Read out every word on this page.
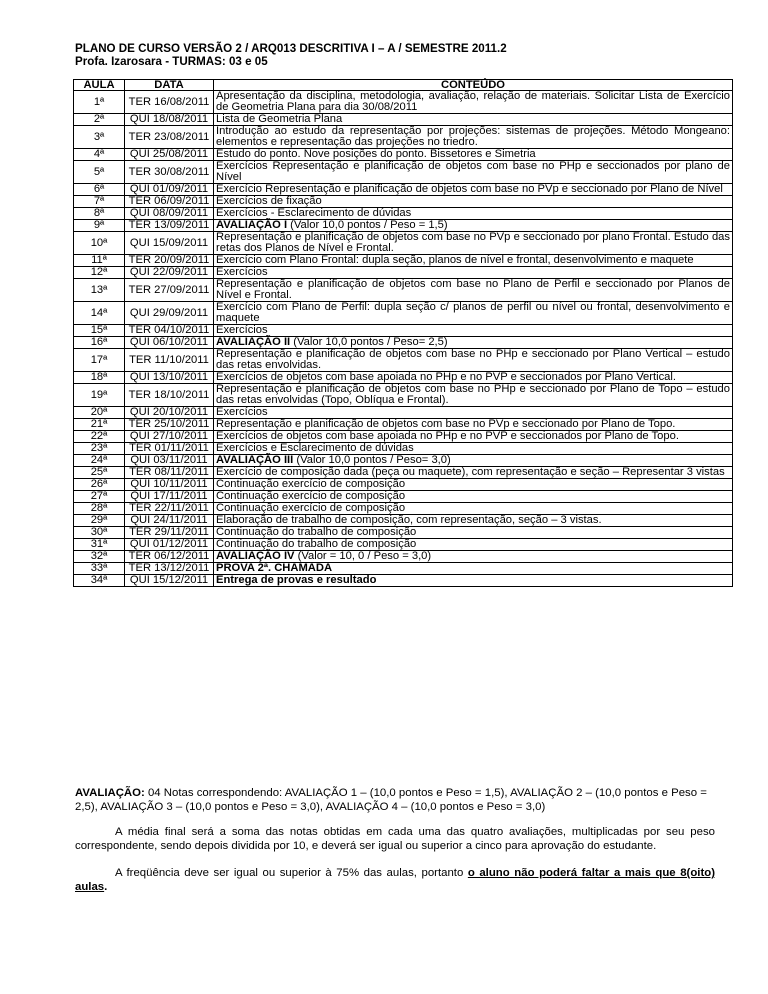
PLANO DE CURSO VERSÃO 2 / ARQ013 DESCRITIVA I – A / SEMESTRE 2011.2
Profa. Izarosara - TURMAS: 03 e 05
AULA	DATA	CONTEÚDO
1ª	TER 16/08/2011	Apresentação da disciplina, metodologia, avaliação, relação de materiais. Solicitar Lista de Exercício de Geometria Plana para dia 30/08/2011
2ª	QUI 18/08/2011	Lista de Geometria Plana
3ª	TER 23/08/2011	Introdução ao estudo da representação por projeções: sistemas de projeções. Método Mongeano: elementos e representação das projeções no triedro.
4ª	QUI 25/08/2011	Estudo do ponto. Nove posições do ponto. Bissetores e Simetria
5ª	TER 30/08/2011	Exercícios Representação e planificação de objetos com base no PHp e seccionados por plano de Nível
6ª	QUI 01/09/2011	Exercício Representação e planificação de objetos com base no PVp e seccionado por Plano de Nível
7ª	TER 06/09/2011	Exercícios de fixação
8ª	QUI 08/09/2011	Exercícios - Esclarecimento de dúvidas
9ª	TER 13/09/2011	AVALIAÇÃO I (Valor 10,0 pontos / Peso = 1,5)
10ª	QUI 15/09/2011	Representação e planificação de objetos com base no PVp e seccionado por plano Frontal. Estudo das retas dos Planos de Nível e Frontal.
11ª	TER 20/09/2011	Exercício com Plano Frontal: dupla seção, planos de nível e frontal, desenvolvimento e maquete
12ª	QUI 22/09/2011	Exercícios
13ª	TER 27/09/2011	Representação e planificação de objetos com base no Plano de Perfil e seccionado por Planos de Nível e Frontal.
14ª	QUI 29/09/2011	Exercício com Plano de Perfil: dupla seção c/ planos de perfil ou nível ou frontal, desenvolvimento e maquete
15ª	TER 04/10/2011	Exercícios
16ª	QUI 06/10/2011	AVALIAÇÃO II (Valor 10,0 pontos / Peso= 2,5)
17ª	TER 11/10/2011	Representação e planificação de objetos com base no PHp e seccionado por Plano Vertical – estudo das retas envolvidas.
18ª	QUI 13/10/2011	Exercícios de objetos com base apoiada no PHp e no PVP e seccionados por Plano Vertical.
19ª	TER 18/10/2011	Representação e planificação de objetos com base no PHp e seccionado por Plano de Topo – estudo das retas envolvidas (Topo, Oblíqua e Frontal).
20ª	QUI 20/10/2011	Exercícios
21ª	TER 25/10/2011	Representação e planificação de objetos com base no PVp e seccionado por Plano de Topo.
22ª	QUI 27/10/2011	Exercícios de objetos com base apoiada no PHp e no PVP e seccionados por Plano de Topo.
23ª	TER 01/11/2011	Exercícios e Esclarecimento de dúvidas
24ª	QUI 03/11/2011	AVALIAÇÃO III (Valor 10,0 pontos / Peso= 3,0)
25ª	TER 08/11/2011	Exercício de composição dada (peça ou maquete), com representação e seção – Representar 3 vistas
26ª	QUI 10/11/2011	Continuação exercício de composição
27ª	QUI 17/11/2011	Continuação exercício de composição
28ª	TER 22/11/2011	Continuação exercício de composição
29ª	QUI 24/11/2011	Elaboração de trabalho de composição, com representação, seção – 3 vistas.
30ª	TER 29/11/2011	Continuação do trabalho de composição
31ª	QUI 01/12/2011	Continuação do trabalho de composição
32ª	TER 06/12/2011	AVALIAÇÃO IV (Valor = 10, 0 / Peso = 3,0)
33ª	TER 13/12/2011	PROVA 2ª. CHAMADA
34ª	QUI 15/12/2011	Entrega de provas e resultado
AVALIAÇÃO: 04 Notas correspondendo: AVALIAÇÃO 1 – (10,0 pontos e Peso = 1,5), AVALIAÇÃO 2 – (10,0 pontos e Peso = 2,5), AVALIAÇÃO 3 – (10,0 pontos e Peso = 3,0), AVALIAÇÃO 4 – (10,0 pontos e Peso = 3,0)
A média final será a soma das notas obtidas em cada uma das quatro avaliações, multiplicadas por seu peso correspondente, sendo depois dividida por 10, e deverá ser igual ou superior a cinco para aprovação do estudante.
A freqüência deve ser igual ou superior à 75% das aulas, portanto o aluno não poderá faltar a mais que 8(oito) aulas.
